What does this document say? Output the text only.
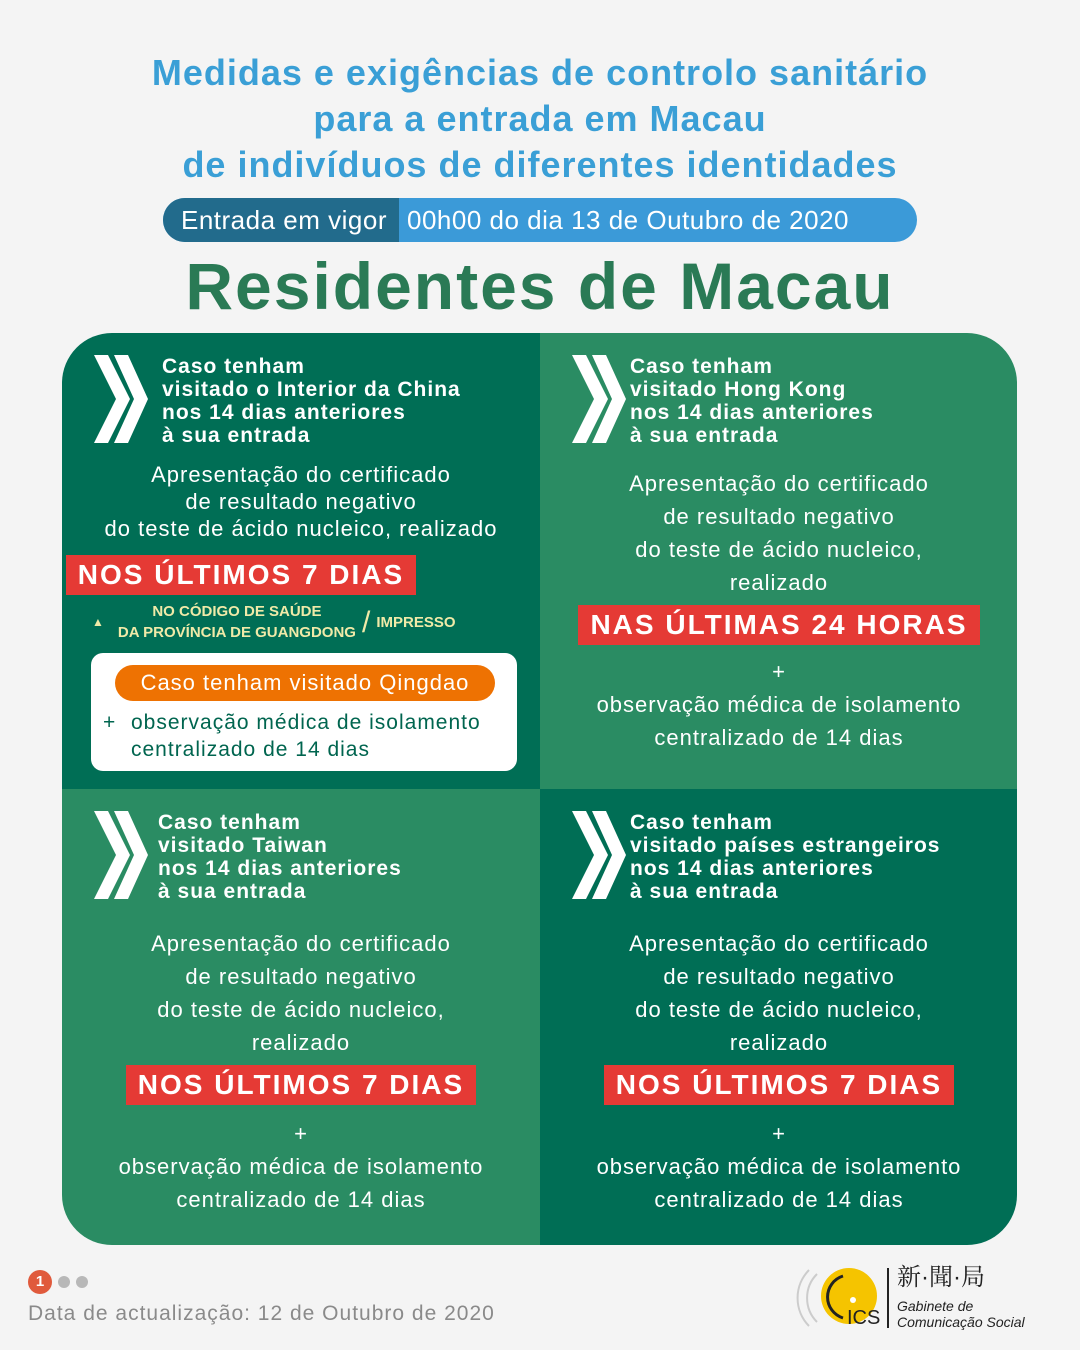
Medidas e exigências de controlo sanitário
para a entrada em Macau
de indivíduos de diferentes identidades
Entrada em vigor 00h00 do dia 13 de Outubro de 2020
Residentes de Macau
Caso tenham
visitado o Interior da China
nos 14 dias anteriores
à sua entrada
Apresentação do certificado
de resultado negativo
do teste de ácido nucleico, realizado
NOS ÚLTIMOS 7 DIAS
▲
NO CÓDIGO DE SAÚDE
DA PROVÍNCIA DE GUANGDONG / IMPRESSO
Caso tenham visitado Qingdao
+ observação médica de isolamento
centralizado de 14 dias
Caso tenham
visitado Hong Kong
nos 14 dias anteriores
à sua entrada
Apresentação do certificado
de resultado negativo
do teste de ácido nucleico,
realizado
NAS ÚLTIMAS 24 HORAS
+
observação médica de isolamento
centralizado de 14 dias
Caso tenham
visitado Taiwan
nos 14 dias anteriores
à sua entrada
Apresentação do certificado
de resultado negativo
do teste de ácido nucleico,
realizado
NOS ÚLTIMOS 7 DIAS
+
observação médica de isolamento
centralizado de 14 dias
Caso tenham
visitado países estrangeiros
nos 14 dias anteriores
à sua entrada
Apresentação do certificado
de resultado negativo
do teste de ácido nucleico,
realizado
NOS ÚLTIMOS 7 DIAS
+
observação médica de isolamento
centralizado de 14 dias
1
Data de actualização: 12 de Outubro de 2020	ICS
新·聞·局
Gabinete de
Comunicação Social
